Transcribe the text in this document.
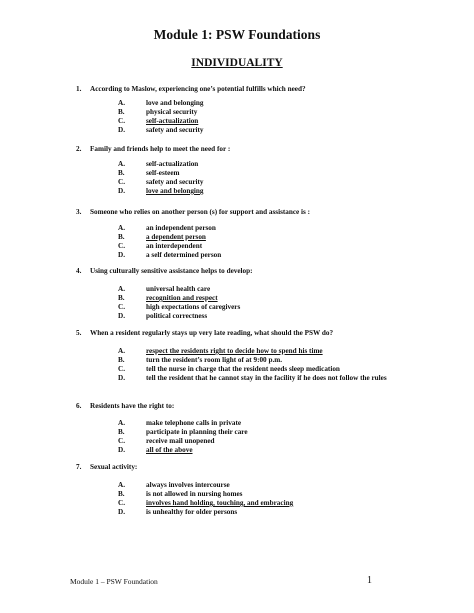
Module 1: PSW Foundations
INDIVIDUALITY
1. According to Maslow, experiencing one’s potential fulfills which need?
A.	love and belonging
B.	physical security
C.	self-actualization
D.	safety and security
2. Family and friends help to meet the need for :
A.	self-actualization
B.	self-esteem
C.	safety and security
D.	love and belonging
3. Someone who relies on another person (s) for support and assistance is :
A.	an independent person
B.	a dependent person
C.	an interdependent
D.	a self determined person
4. Using culturally sensitive assistance helps to develop:
A.	universal health care
B.	recognition and respect
C.	high expectations of caregivers
D.	political correctness
5. When a resident regularly stays up very late reading, what should the PSW do?
A.	respect the residents right to decide how to spend his time
B.	turn the resident’s room light of at 9:00 p.m.
C.	tell the nurse in charge that the resident needs sleep medication
D.	tell the resident that he cannot stay in the facility if he does not follow the rules
6. Residents have the right to:
A.	make telephone calls in private
B.	participate in planning their care
C.	receive mail unopened
D.	all of the above
7. Sexual activity:
A.	always involves intercourse
B.	is not allowed in nursing homes
C.	involves hand holding, touching, and embracing
D.	is unhealthy for older persons
Module 1 – PSW Foundation	1
